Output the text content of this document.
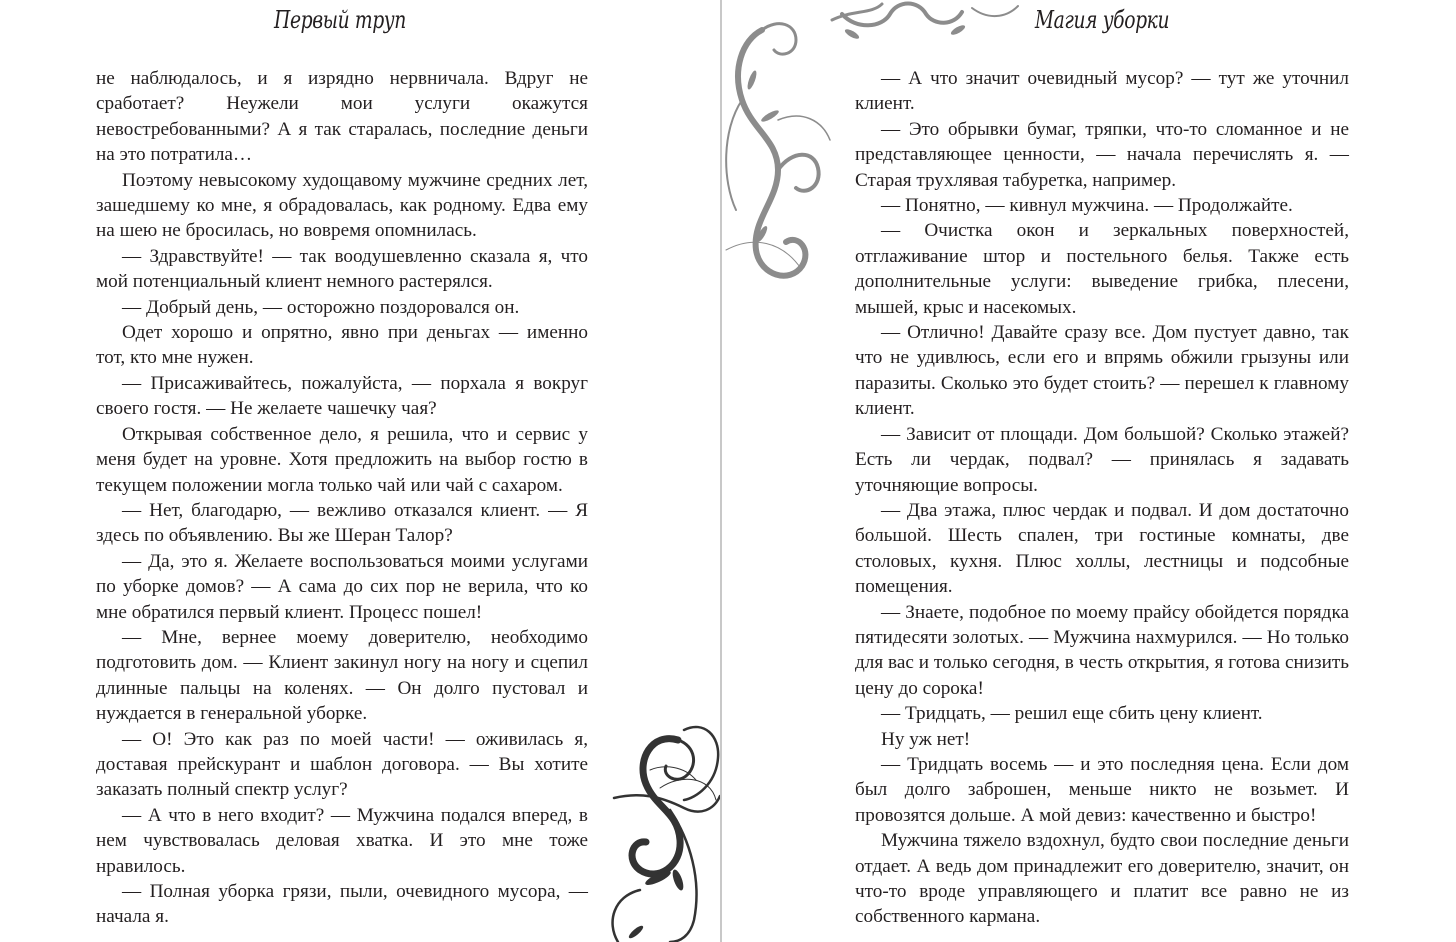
Первый труп

не наблюдалось, и я изрядно нервничала. Вдруг не сработает? Неужели мои услуги окажутся невостребованными? А я так старалась, последние деньги на это потратила…

Поэтому невысокому худощавому мужчине средних лет, зашедшему ко мне, я обрадовалась, как родному. Едва ему на шею не бросилась, но вовремя опомнилась.

— Здравствуйте! — так воодушевленно сказала я, что мой потенциальный клиент немного растерялся.

— Добрый день, — осторожно поздоровался он.

Одет хорошо и опрятно, явно при деньгах — именно тот, кто мне нужен.

— Присаживайтесь, пожалуйста, — порхала я вокруг своего гостя. — Не желаете чашечку чая?

Открывая собственное дело, я решила, что и сервис у меня будет на уровне. Хотя предложить на выбор гостю в текущем положении могла только чай или чай с сахаром.

— Нет, благодарю, — вежливо отказался клиент. — Я здесь по объявлению. Вы же Шеран Талор?

— Да, это я. Желаете воспользоваться моими услугами по уборке домов? — А сама до сих пор не верила, что ко мне обратился первый клиент. Процесс пошел!

— Мне, вернее моему доверителю, необходимо подготовить дом. — Клиент закинул ногу на ногу и сцепил длинные пальцы на коленях. — Он долго пустовал и нуждается в генеральной уборке.

— О! Это как раз по моей части! — оживилась я, доставая прейскурант и шаблон договора. — Вы хотите заказать полный спектр услуг?

— А что в него входит? — Мужчина подался вперед, в нем чувствовалась деловая хватка. И это мне тоже нравилось.

— Полная уборка грязи, пыли, очевидного мусора, — начала я.

Магия уборки

— А что значит очевидный мусор? — тут же уточнил клиент.

— Это обрывки бумаг, тряпки, что-то сломанное и не представляющее ценности, — начала перечислять я. — Старая трухлявая табуретка, например.

— Понятно, — кивнул мужчина. — Продолжайте.

— Очистка окон и зеркальных поверхностей, отглаживание штор и постельного белья. Также есть дополнительные услуги: выведение грибка, плесени, мышей, крыс и насекомых.

— Отлично! Давайте сразу все. Дом пустует давно, так что не удивлюсь, если его и впрямь обжили грызуны или паразиты. Сколько это будет стоить? — перешел к главному клиент.

— Зависит от площади. Дом большой? Сколько этажей? Есть ли чердак, подвал? — принялась я задавать уточняющие вопросы.

— Два этажа, плюс чердак и подвал. И дом достаточно большой. Шесть спален, три гостиные комнаты, две столовых, кухня. Плюс холлы, лестницы и подсобные помещения.

— Знаете, подобное по моему прайсу обойдется порядка пятидесяти золотых. — Мужчина нахмурился. — Но только для вас и только сегодня, в честь открытия, я готова снизить цену до сорока!

— Тридцать, — решил еще сбить цену клиент.

Ну уж нет!

— Тридцать восемь — и это последняя цена. Если дом был долго заброшен, меньше никто не возьмет. И провозятся дольше. А мой девиз: качественно и быстро!

Мужчина тяжело вздохнул, будто свои последние деньги отдает. А ведь дом принадлежит его доверителю, значит, он что-то вроде управляющего и платит все равно не из собственного кармана.
